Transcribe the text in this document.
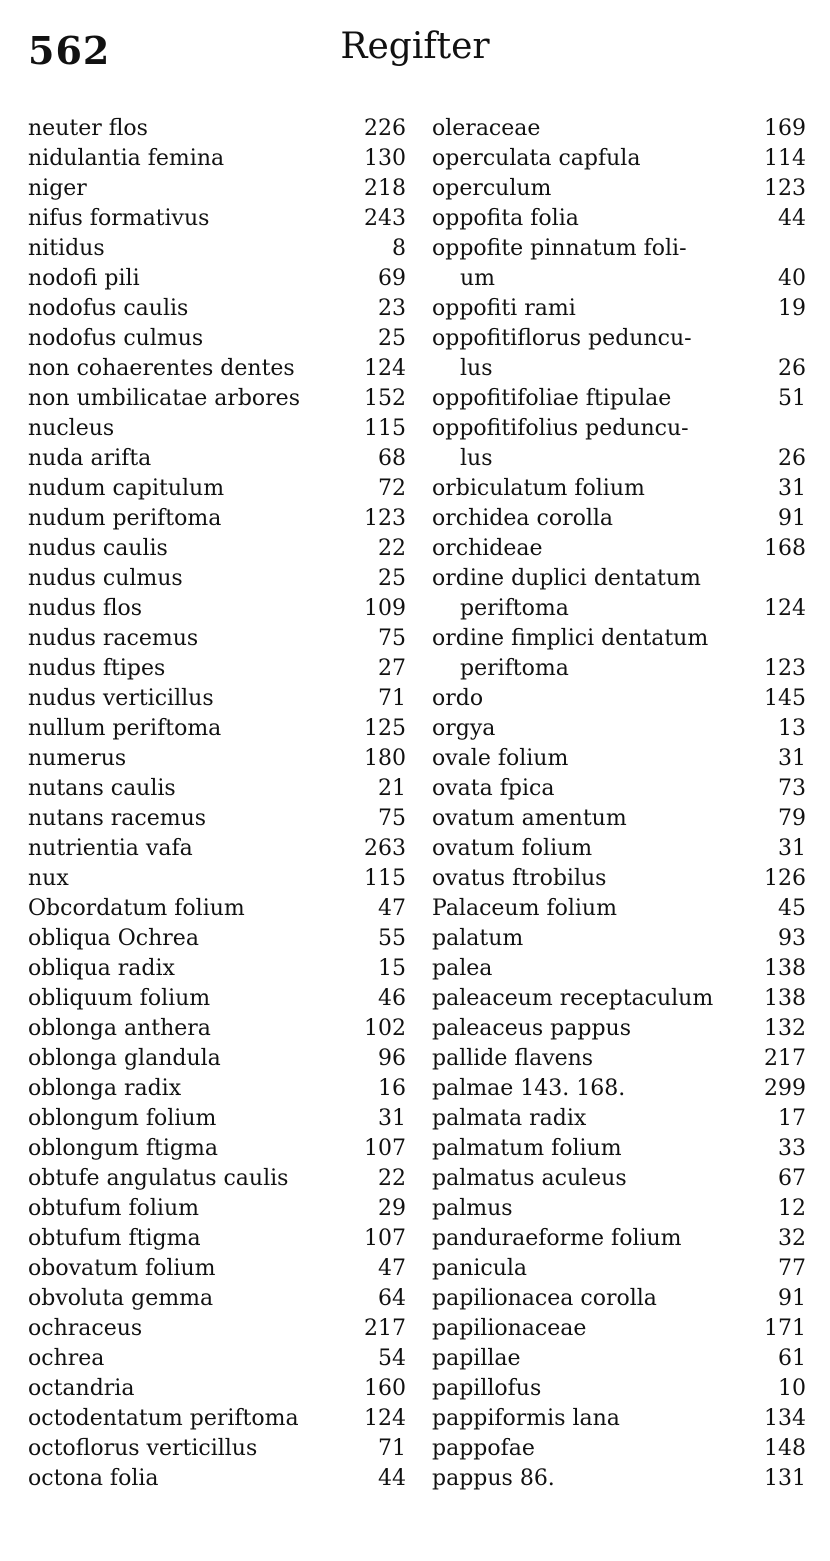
562	Regifter
neuter flos	226
nidulantia femina	130
niger	218
nifus formativus	243
nitidus	8
nodofi pili	69
nodofus caulis	23
nodofus culmus	25
non cohaerentes dentes	124
non umbilicatae arbores	152
nucleus	115
nuda arifta	68
nudum capitulum	72
nudum periftoma	123
nudus caulis	22
nudus culmus	25
nudus flos	109
nudus racemus	75
nudus ftipes	27
nudus verticillus	71
nullum periftoma	125
numerus	180
nutans caulis	21
nutans racemus	75
nutrientia vafa	263
nux	115
Obcordatum folium	47
obliqua Ochrea	55
obliqua radix	15
obliquum folium	46
oblonga anthera	102
oblonga glandula	96
oblonga radix	16
oblongum folium	31
oblongum ftigma	107
obtufe angulatus caulis	22
obtufum folium	29
obtufum ftigma	107
obovatum folium	47
obvoluta gemma	64
ochraceus	217
ochrea	54
octandria	160
octodentatum periftoma	124
octoflorus verticillus	71
octona folia	44
oleraceae	169
operculata capfula	114
operculum	123
oppofita folia	44
oppofite pinnatum foli-
um	40
oppofiti rami	19
oppofitiflorus peduncu-
lus	26
oppofitifoliae ftipulae	51
oppofitifolius peduncu-
lus	26
orbiculatum folium	31
orchidea corolla	91
orchideae	168
ordine duplici dentatum
periftoma	124
ordine fimplici dentatum
periftoma	123
ordo	145
orgya	13
ovale folium	31
ovata fpica	73
ovatum amentum	79
ovatum folium	31
ovatus ftrobilus	126
Palaceum folium	45
palatum	93
palea	138
paleaceum receptaculum 138
paleaceus pappus	132
pallide flavens	217
palmae 143. 168.	299
palmata radix	17
palmatum folium	33
palmatus aculeus	67
palmus	12
panduraeforme folium	32
panicula	77
papilionacea corolla	91
papilionaceae	171
papillae	61
papillofus	10
pappiformis lana	134
pappofae	148
pappus 86.	131
